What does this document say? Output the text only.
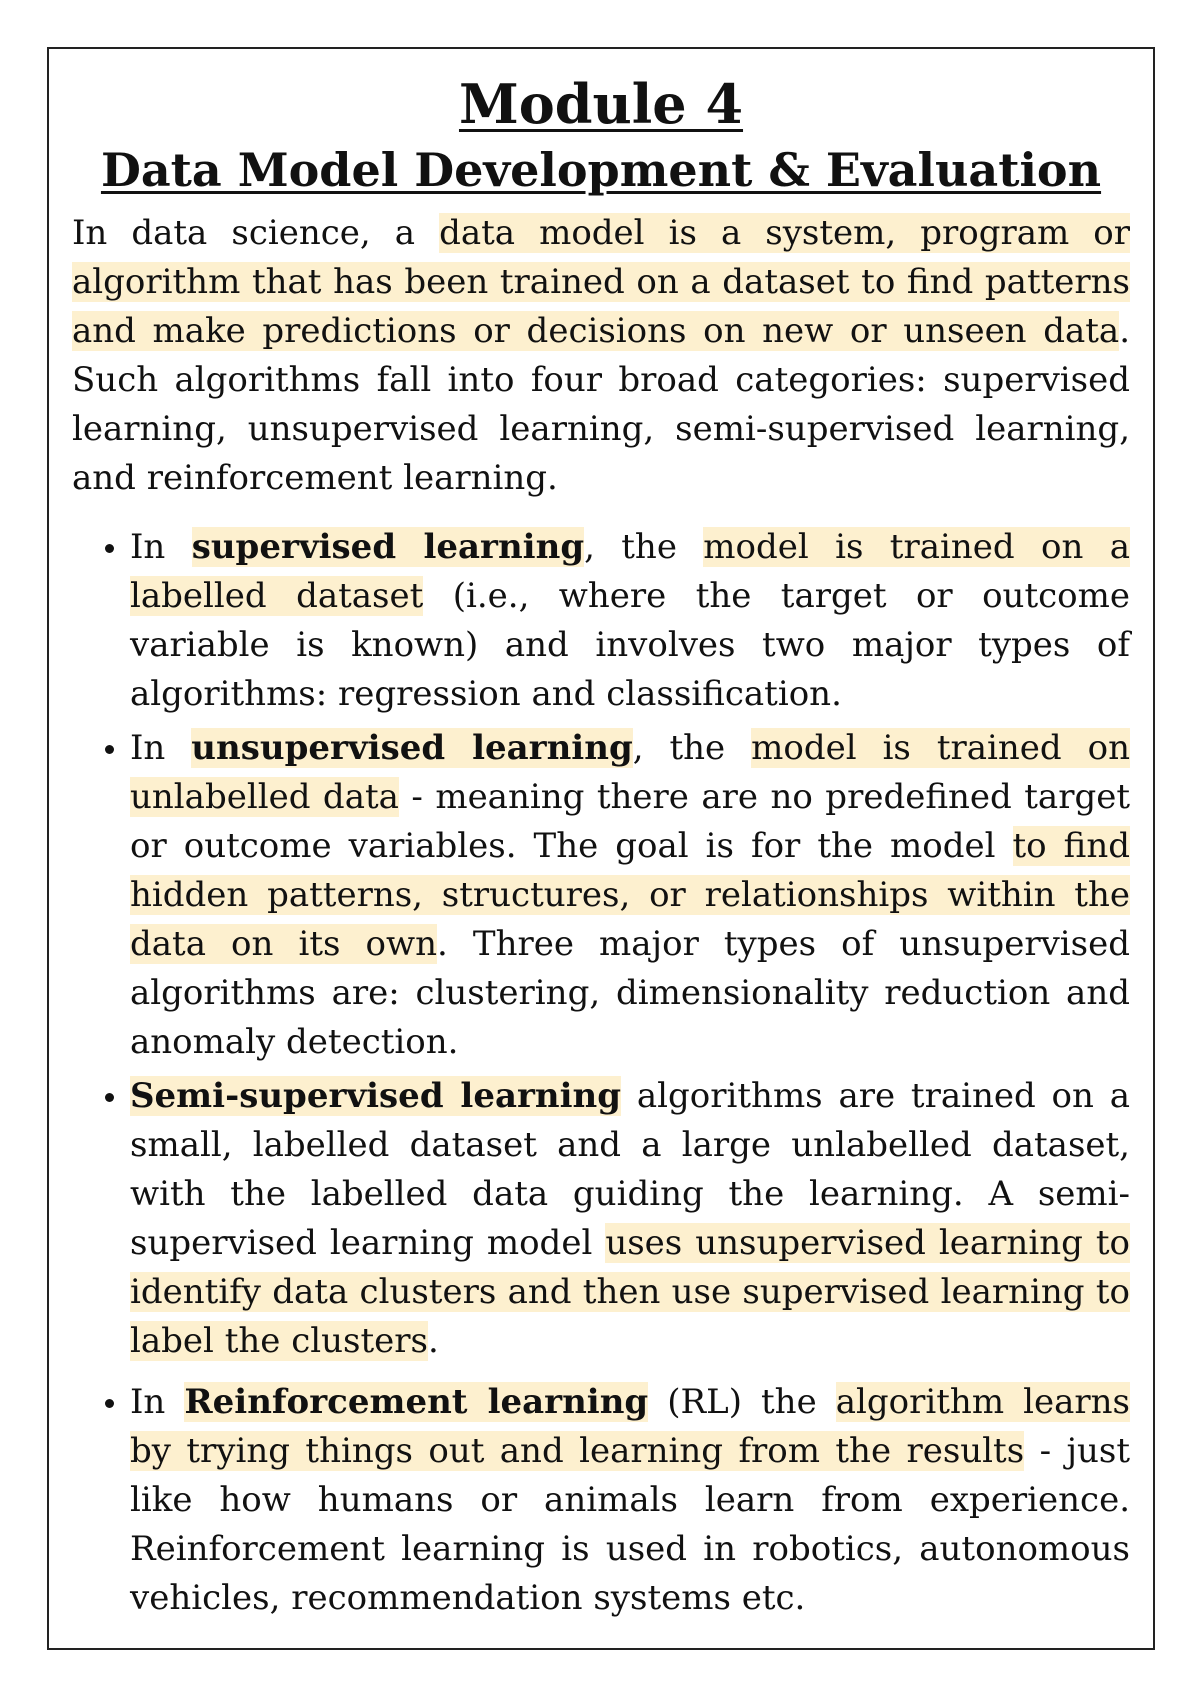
Module 4
Data Model Development & Evaluation

In data science, a data model is a system, program or algorithm that has been trained on a dataset to find patterns and make predictions or decisions on new or unseen data. Such algorithms fall into four broad categories: supervised learning, unsupervised learning, semi-supervised learning, and reinforcement learning.

• In supervised learning, the model is trained on a labelled dataset (i.e., where the target or outcome variable is known) and involves two major types of algorithms: regression and classification.
• In unsupervised learning, the model is trained on unlabelled data - meaning there are no predefined target or outcome variables. The goal is for the model to find hidden patterns, structures, or relationships within the data on its own. Three major types of unsupervised algorithms are: clustering, dimensionality reduction and anomaly detection.
• Semi-supervised learning algorithms are trained on a small, labelled dataset and a large unlabelled dataset, with the labelled data guiding the learning. A semi-supervised learning model uses unsupervised learning to identify data clusters and then use supervised learning to label the clusters.
• In Reinforcement learning (RL) the algorithm learns by trying things out and learning from the results - just like how humans or animals learn from experience. Reinforcement learning is used in robotics, autonomous vehicles, recommendation systems etc.
